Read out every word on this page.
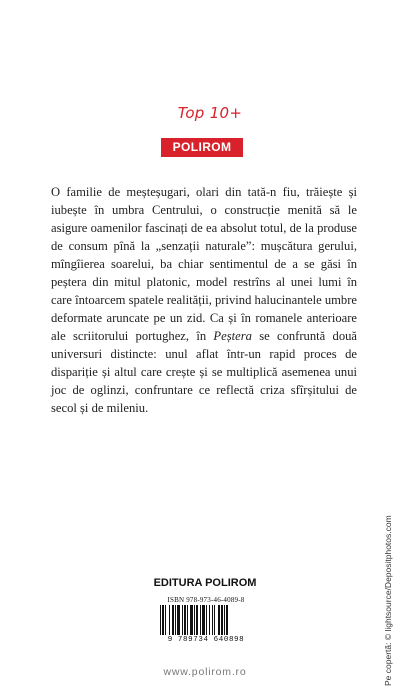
Top 10+
POLIROM
O familie de meșteșugari, olari din tată-n fiu, trăiește și iubește în umbra Centrului, o construcție menită să le asigure oamenilor fascinați de ea absolut totul, de la produse de consum pînă la „senzații naturale”: mușcătura gerului, mîngîierea soarelui, ba chiar sentimentul de a se găsi în peștera din mitul platonic, model restrîns al unei lumi în care întoarcem spatele realității, privind halucinantele umbre deformate aruncate pe un zid. Ca și în romanele anterioare ale scriitorului portughez, în Peștera se confruntă două universuri distincte: unul aflat într-un rapid proces de dispariție și altul care crește și se multiplică asemenea unui joc de oglinzi, confruntare ce reflectă criza sfîrșitului de secol și de mileniu.
Pe copertă: © lightsource/Depositphotos.com
EDITURA POLIROM
ISBN 978-973-46-4089-8
9 789734 640898
www.polirom.ro
